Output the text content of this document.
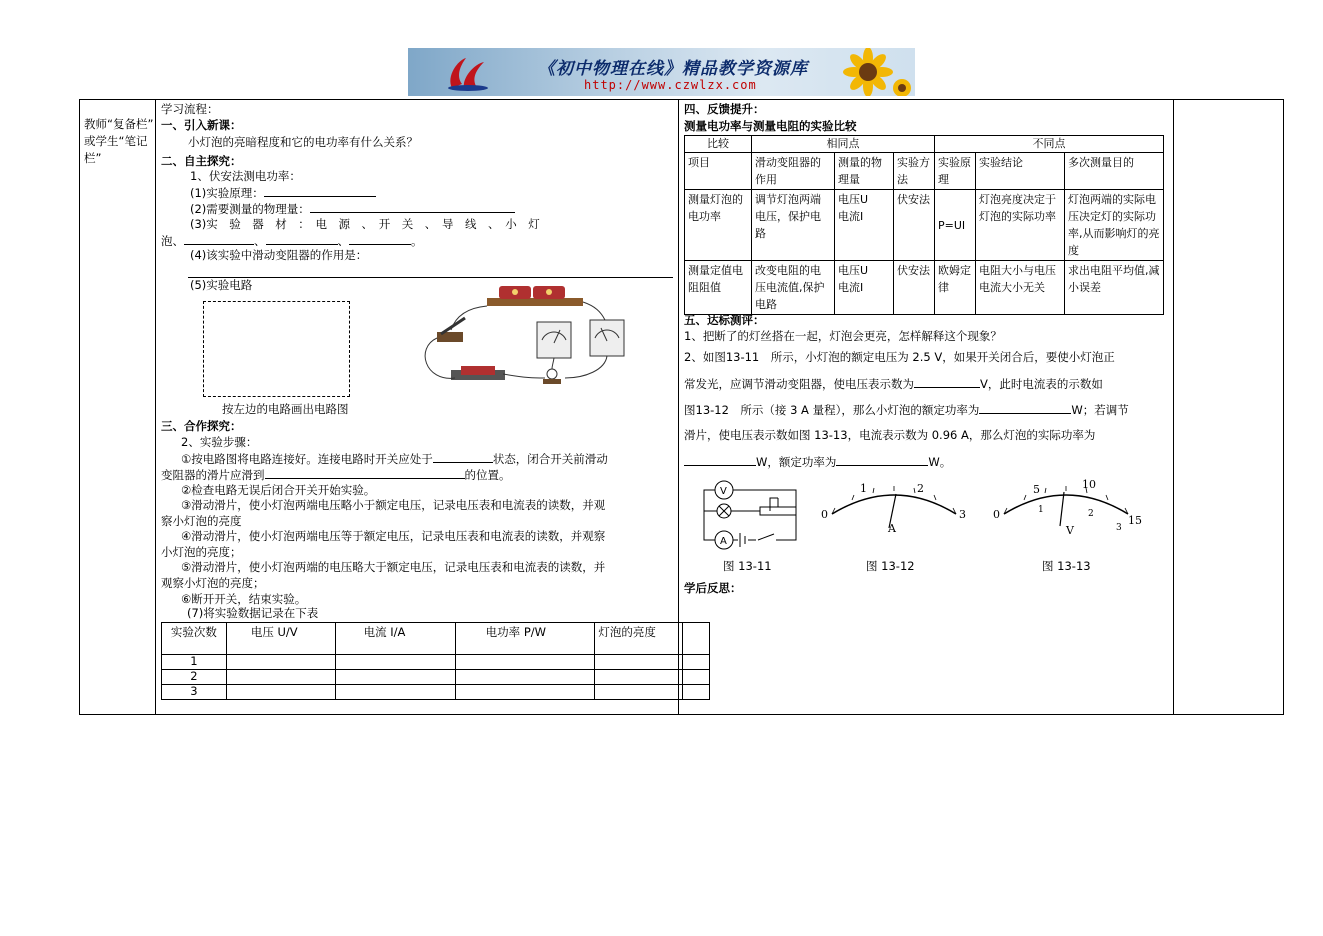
《初中物理在线》精品教学资源库
http://www.czwlzx.com
教师“复备栏”
或学生“笔记
栏”
学习流程：
一、引入新课：
小灯泡的亮暗程度和它的电功率有什么关系？
二、自主探究：
1、伏安法测电功率：
(1)实验原理：
(2)需要测量的物理量：
(3)实　验　器　材　：　电　源　、　开　关　、　导　线　、　小　灯
泡、	、	、	。
(4)该实验中滑动变阻器的作用是：
(5)实验电路
按左边的电路画出电路图
三、合作探究：
2、实验步骤：
①按电路图将电路连接好。连接电路时开关应处于	状态，闭合开关前滑动
变阻器的滑片应滑到	的位置。
②检查电路无误后闭合开关开始实验。
③滑动滑片，使小灯泡两端电压略小于额定电压，记录电压表和电流表的读数，并观
察小灯泡的亮度
④滑动滑片，使小灯泡两端电压等于额定电压，记录电压表和电流表的读数，并观察
小灯泡的亮度；
⑤滑动滑片，使小灯泡两端的电压略大于额定电压，记录电压表和电流表的读数，并
观察小灯泡的亮度；
⑥断开开关，结束实验。
(7)将实验数据记录在下表
实验次数	电压 U/V	电流 I/A	电功率 P/W	灯泡的亮度	
1					
2					
3					
四、反馈提升：
测量电功率与测量电阻的实验比较
比较	相同点			不同点		
项目	滑动变阻器的作用	测量的物理量	实验方法	实验原理	实验结论	多次测量目的
测量灯泡的电功率	调节灯泡两端电压，保护电路	电压U
电流I	伏安法	P=UI	灯泡亮度决定于灯泡的实际功率	灯泡两端的实际电压决定灯的实际功率,从而影响灯的亮度
测量定值电阻阻值	改变电阻的电压电流值,保护电路	电压U
电流I	伏安法	欧姆定律	电阻大小与电压电流大小无关	求出电阻平均值,减小误差
五、达标测评：
1、把断了的灯丝搭在一起，灯泡会更亮，怎样解释这个现象？
2、如图13-11　所示，小灯泡的额定电压为 2.5 V，如果开关闭合后，要使小灯泡正
常发光，应调节滑动变阻器，使电压表示数为	V，此时电流表的示数如
图13-12　所示（接 3 A 量程），那么小灯泡的额定功率为	W；若调节
滑片，使电压表示数如图 13-13，电流表示数为 0.96 A，那么灯泡的实际功率为
W，额定功率为	W。
V
A
0
1	2
3
A
0
5	10
15
1	2
3
V
图 13-11	图 13-12	图 13-13
学后反思：
